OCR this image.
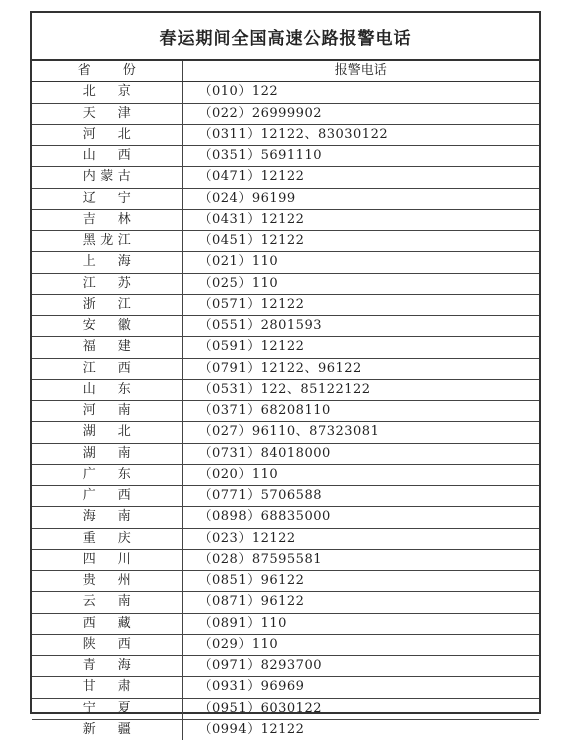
春运期间全国高速公路报警电话
省 份	报警电话
北 京	（010）122
天 津	（022）26999902
河 北	（0311）12122、83030122
山 西	（0351）5691110
内蒙古	（0471）12122
辽 宁	（024）96199
吉 林	（0431）12122
黑龙江	（0451）12122
上 海	（021）110
江 苏	（025）110
浙 江	（0571）12122
安 徽	（0551）2801593
福 建	（0591）12122
江 西	（0791）12122、96122
山 东	（0531）122、85122122
河 南	（0371）68208110
湖 北	（027）96110、87323081
湖 南	（0731）84018000
广 东	（020）110
广 西	（0771）5706588
海 南	（0898）68835000
重 庆	（023）12122
四 川	（028）87595581
贵 州	（0851）96122
云 南	（0871）96122
西 藏	（0891）110
陕 西	（029）110
青 海	（0971）8293700
甘 肃	（0931）96969
宁 夏	（0951）6030122
新 疆	（0994）12122
